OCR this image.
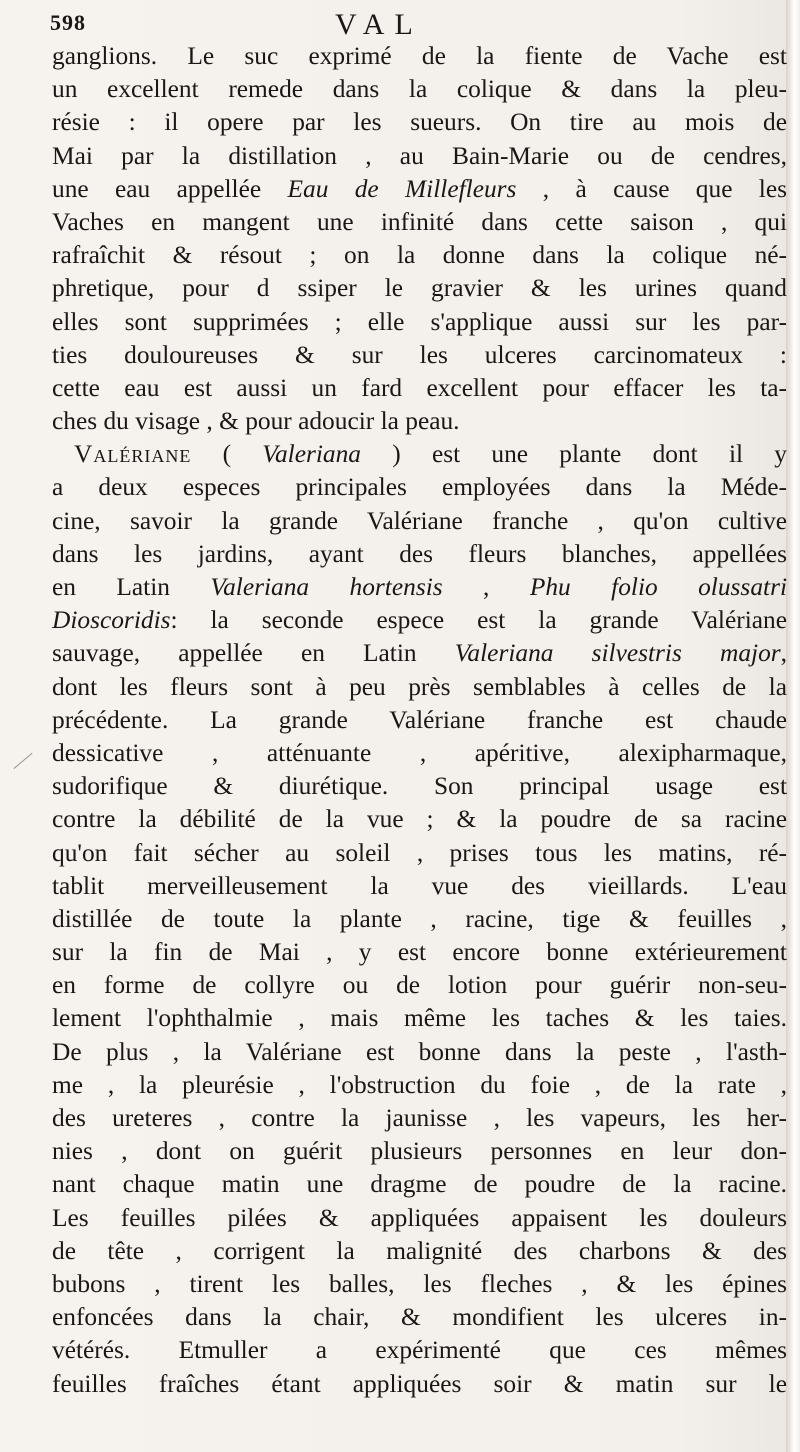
598	VAL
ganglions. Le suc exprimé de la fiente de Vache est
un excellent remede dans la colique & dans la pleu-
résie : il opere par les sueurs. On tire au mois de
Mai par la distillation , au Bain-Marie ou de cendres,
une eau appellée Eau de Millefleurs , à cause que les
Vaches en mangent une infinité dans cette saison , qui
rafraîchit & résout ; on la donne dans la colique né-
phretique, pour d ssiper le gravier & les urines quand
elles sont supprimées ; elle s'applique aussi sur les par-
ties douloureuses & sur les ulceres carcinomateux :
cette eau est aussi un fard excellent pour effacer les ta-
ches du visage , & pour adoucir la peau.
Valériane ( Valeriana ) est une plante dont il y
a deux especes principales employées dans la Méde-
cine, savoir la grande Valériane franche , qu'on cultive
dans les jardins, ayant des fleurs blanches, appellées
en Latin Valeriana hortensis , Phu folio olussatri
Dioscoridis: la seconde espece est la grande Valériane
sauvage, appellée en Latin Valeriana silvestris major,
dont les fleurs sont à peu près semblables à celles de la
précédente. La grande Valériane franche est chaude
dessicative , atténuante , apéritive, alexipharmaque,
sudorifique & diurétique. Son principal usage est
contre la débilité de la vue ; & la poudre de sa racine
qu'on fait sécher au soleil , prises tous les matins, ré-
tablit merveilleusement la vue des vieillards. L'eau
distillée de toute la plante , racine, tige & feuilles ,
sur la fin de Mai , y est encore bonne extérieurement
en forme de collyre ou de lotion pour guérir non-seu-
lement l'ophthalmie , mais même les taches & les taies.
De plus , la Valériane est bonne dans la peste , l'asth-
me , la pleurésie , l'obstruction du foie , de la rate ,
des ureteres , contre la jaunisse , les vapeurs, les her-
nies , dont on guérit plusieurs personnes en leur don-
nant chaque matin une dragme de poudre de la racine.
Les feuilles pilées & appliquées appaisent les douleurs
de tête , corrigent la malignité des charbons & des
bubons , tirent les balles, les fleches , & les épines
enfoncées dans la chair, & mondifient les ulceres in-
vétérés. Etmuller a expérimenté que ces mêmes
feuilles fraîches étant appliquées soir & matin sur le
